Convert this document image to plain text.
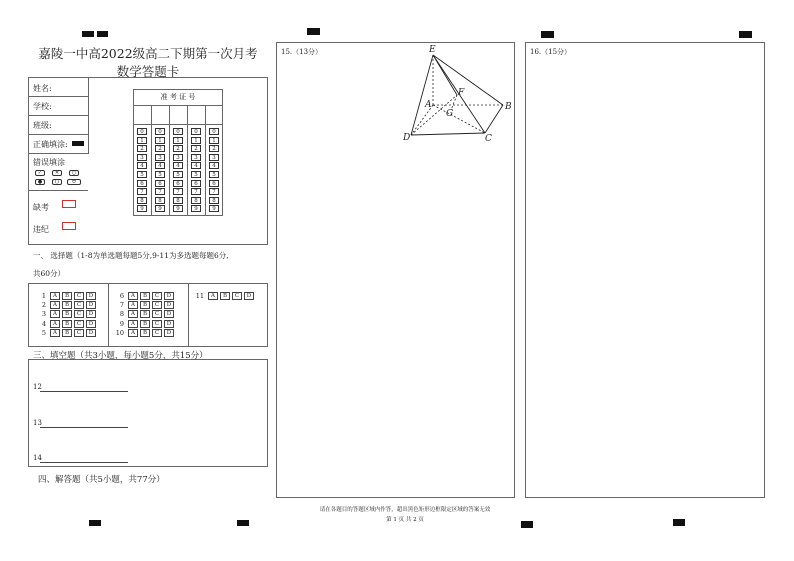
嘉陵一中高2022级高二下期第一次月考
数学答题卡
姓名:
学校:
班级:
正确填涂:
错误填涂
✓	✕	○
●	()	⬭
缺考
违纪
准 考 证 号
0	0	0	0	0
1	1	1	1	1
2	2	2	2	2
3	3	3	3	3
4	4	4	4	4
5	5	5	5	5
6	6	6	6	6
7	7	7	7	7
8	8	8	8	8
9	9	9	9	9
一、 选择题（1-8为单选题每题5分,9-11为多选题每题6分,
共60分）
1 A B C D
2 A B C D
3 A B C D
4 A B C D
5 A B C D
6 A B C D
7 A B C D
8 A B C D
9 A B C D
10 A B C D
11 A B C D
三、填空题（共3小题，每小题5分，共15分）
12
13
14
四、解答题（共5小题，共77分）
15.（13分）	E
A
F
G
B
D	C
16.（15分）
请在各题目的答题区域内作答，超出黑色矩形边框限定区域的答案无效
第 1 页 共 2 页
